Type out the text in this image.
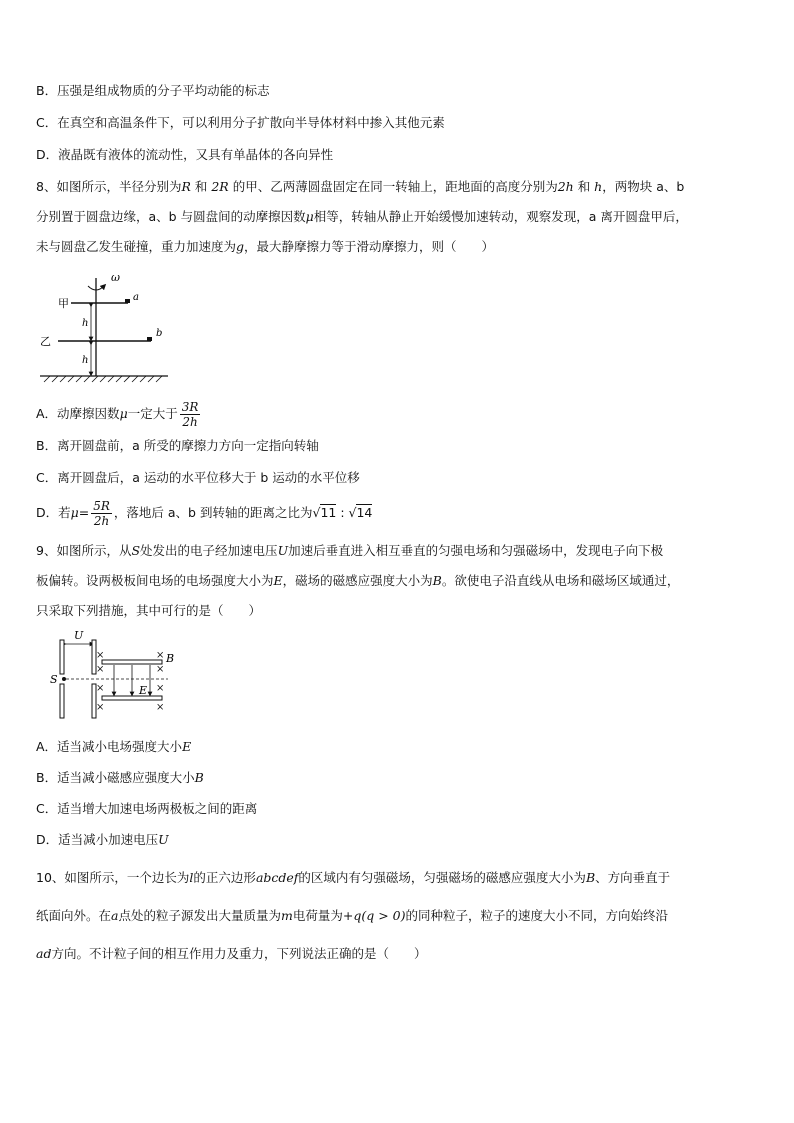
B．压强是组成物质的分子平均动能的标志
C．在真空和高温条件下，可以利用分子扩散向半导体材料中掺入其他元素
D．液晶既有液体的流动性，又具有单晶体的各向异性
8、如图所示，半径分别为R 和 2R 的甲、乙两薄圆盘固定在同一转轴上，距地面的高度分别为2h 和 h，两物块 a、b
分别置于圆盘边缘，a、b 与圆盘间的动摩擦因数μ相等，转轴从静止开始缓慢加速转动，观察发现，a 离开圆盘甲后，
未与圆盘乙发生碰撞，重力加速度为g，最大静摩擦力等于滑动摩擦力，则（　　）
ω
a
甲
b
乙
h
h
A．动摩擦因数μ一定大于 $\frac{3R}{2h}$
B．离开圆盘前，a 所受的摩擦力方向一定指向转轴
C．离开圆盘后，a 运动的水平位移大于 b 运动的水平位移
D．若$\mu= \frac{5R}{2h}$ ，落地后 a、b 到转轴的距离之比为√11 : √14
9、如图所示，从S处发出的电子经加速电压U加速后垂直进入相互垂直的匀强电场和匀强磁场中，发现电子向下极
板偏转。设两极板间电场的电场强度大小为E，磁场的磁感应强度大小为B。欲使电子沿直线从电场和磁场区域通过，
只采取下列措施，其中可行的是（　　）
U
S
E
×
×
×
×
×
×
×
×
B
A．适当减小电场强度大小E
B．适当减小磁感应强度大小B
C．适当增大加速电场两极板之间的距离
D．适当减小加速电压U
10、如图所示，一个边长为l的正六边形abcdef的区域内有匀强磁场，匀强磁场的磁感应强度大小为B、方向垂直于
纸面向外。在a点处的粒子源发出大量质量为m电荷量为+q(q > 0)的同种粒子，粒子的速度大小不同，方向始终沿
ad方向。不计粒子间的相互作用力及重力，下列说法正确的是（　　）
